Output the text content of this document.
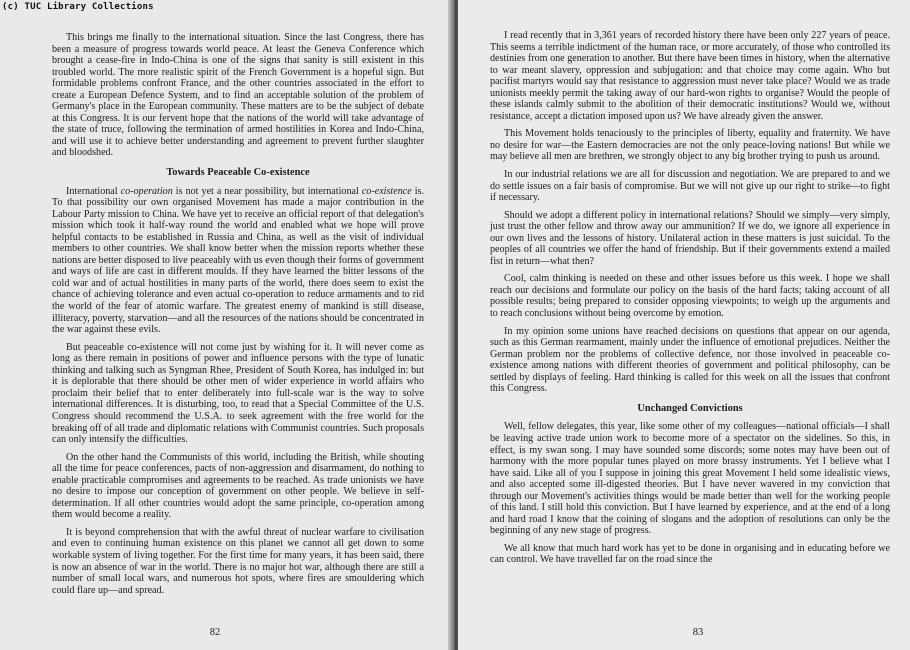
(c) TUC Library Collections

This brings me finally to the international situation. Since the last Congress, there has been a measure of progress towards world peace. At least the Geneva Conference which brought a cease-fire in Indo-China is one of the signs that sanity is still existent in this troubled world. The more realistic spirit of the French Government is a hopeful sign. But formidable problems confront France, and the other countries associated in the effort to create a European Defence System, and to find an acceptable solution of the problem of Germany's place in the European community. These matters are to be the subject of debate at this Congress. It is our fervent hope that the nations of the world will take advantage of the state of truce, following the termination of armed hostilities in Korea and Indo-China, and will use it to achieve better understanding and agreement to prevent further slaughter and bloodshed.

Towards Peaceable Co-existence

International co-operation is not yet a near possibility, but international co-existence is. To that possibility our own organised Movement has made a major contribution in the Labour Party mission to China. We have yet to receive an official report of that delegation's mission which took it half-way round the world and enabled what we hope will prove helpful contacts to be established in Russia and China, as well as the visit of individual members to other countries. We shall know better when the mission reports whether these nations are better disposed to live peaceably with us even though their forms of government and ways of life are cast in different moulds. If they have learned the bitter lessons of the cold war and of actual hostilities in many parts of the world, there does seem to exist the chance of achieving tolerance and even actual co-operation to reduce armaments and to rid the world of the fear of atomic warfare. The greatest enemy of mankind is still disease, illiteracy, poverty, starvation—and all the resources of the nations should be concentrated in the war against these evils.

But peaceable co-existence will not come just by wishing for it. It will never come as long as there remain in positions of power and influence persons with the type of lunatic thinking and talking such as Syngman Rhee, President of South Korea, has indulged in: but it is deplorable that there should be other men of wider experience in world affairs who proclaim their belief that to enter deliberately into full-scale war is the way to solve international differences. It is disturbing, too, to read that a Special Committee of the U.S. Congress should recommend the U.S.A. to seek agreement with the free world for the breaking off of all trade and diplomatic relations with Communist countries. Such proposals can only intensify the difficulties.

On the other hand the Communists of this world, including the British, while shouting all the time for peace conferences, pacts of non-aggression and disarmament, do nothing to enable practicable compromises and agreements to be reached. As trade unionists we have no desire to impose our conception of government on other people. We believe in self-determination. If all other countries would adopt the same principle, co-operation among them would become a reality.

It is beyond comprehension that with the awful threat of nuclear warfare to civilisation and even to continuing human existence on this planet we cannot all get down to some workable system of living together. For the first time for many years, it has been said, there is now an absence of war in the world. There is no major hot war, although there are still a number of small local wars, and numerous hot spots, where fires are smouldering which could flare up—and spread.

82

I read recently that in 3,361 years of recorded history there have been only 227 years of peace. This seems a terrible indictment of the human race, or more accurately, of those who controlled its destinies from one generation to another. But there have been times in history, when the alternative to war meant slavery, oppression and subjugation: and that choice may come again. Who but pacifist martyrs would say that resistance to aggression must never take place? Would we as trade unionists meekly permit the taking away of our hard-won rights to organise? Would the people of these islands calmly submit to the abolition of their democratic institutions? Would we, without resistance, accept a dictation imposed upon us? We have already given the answer.

This Movement holds tenaciously to the principles of liberty, equality and fraternity. We have no desire for war—the Eastern democracies are not the only peace-loving nations! But while we may believe all men are brethren, we strongly object to any big brother trying to push us around.

In our industrial relations we are all for discussion and negotiation. We are prepared to and we do settle issues on a fair basis of compromise. But we will not give up our right to strike—to fight if necessary.

Should we adopt a different policy in international relations? Should we simply—very simply, just trust the other fellow and throw away our ammunition? If we do, we ignore all experience in our own lives and the lessons of history. Unilateral action in these matters is just suicidal. To the peoples of all countries we offer the hand of friendship. But if their governments extend a mailed fist in return—what then?

Cool, calm thinking is needed on these and other issues before us this week. I hope we shall reach our decisions and formulate our policy on the basis of the hard facts; taking account of all possible results; being prepared to consider opposing viewpoints; to weigh up the arguments and to reach conclusions without being overcome by emotion.

In my opinion some unions have reached decisions on questions that appear on our agenda, such as this German rearmament, mainly under the influence of emotional prejudices. Neither the German problem nor the problems of collective defence, nor those involved in peaceable co-existence among nations with different theories of government and political philosophy, can be settled by displays of feeling. Hard thinking is called for this week on all the issues that confront this Congress.

Unchanged Convictions

Well, fellow delegates, this year, like some other of my colleagues—national officials—I shall be leaving active trade union work to become more of a spectator on the sidelines. So this, in effect, is my swan song. I may have sounded some discords; some notes may have been out of harmony with the more popular tunes played on more brassy instruments. Yet I believe what I have said. Like all of you I suppose in joining this great Movement I held some idealistic views, and also accepted some ill-digested theories. But I have never wavered in my conviction that through our Movement's activities things would be made better than well for the working people of this land. I still hold this conviction. But I have learned by experience, and at the end of a long and hard road I know that the coining of slogans and the adoption of resolutions can only be the beginning of any new stage of progress.

We all know that much hard work has yet to be done in organising and in educating before we can control. We have travelled far on the road since the

83
